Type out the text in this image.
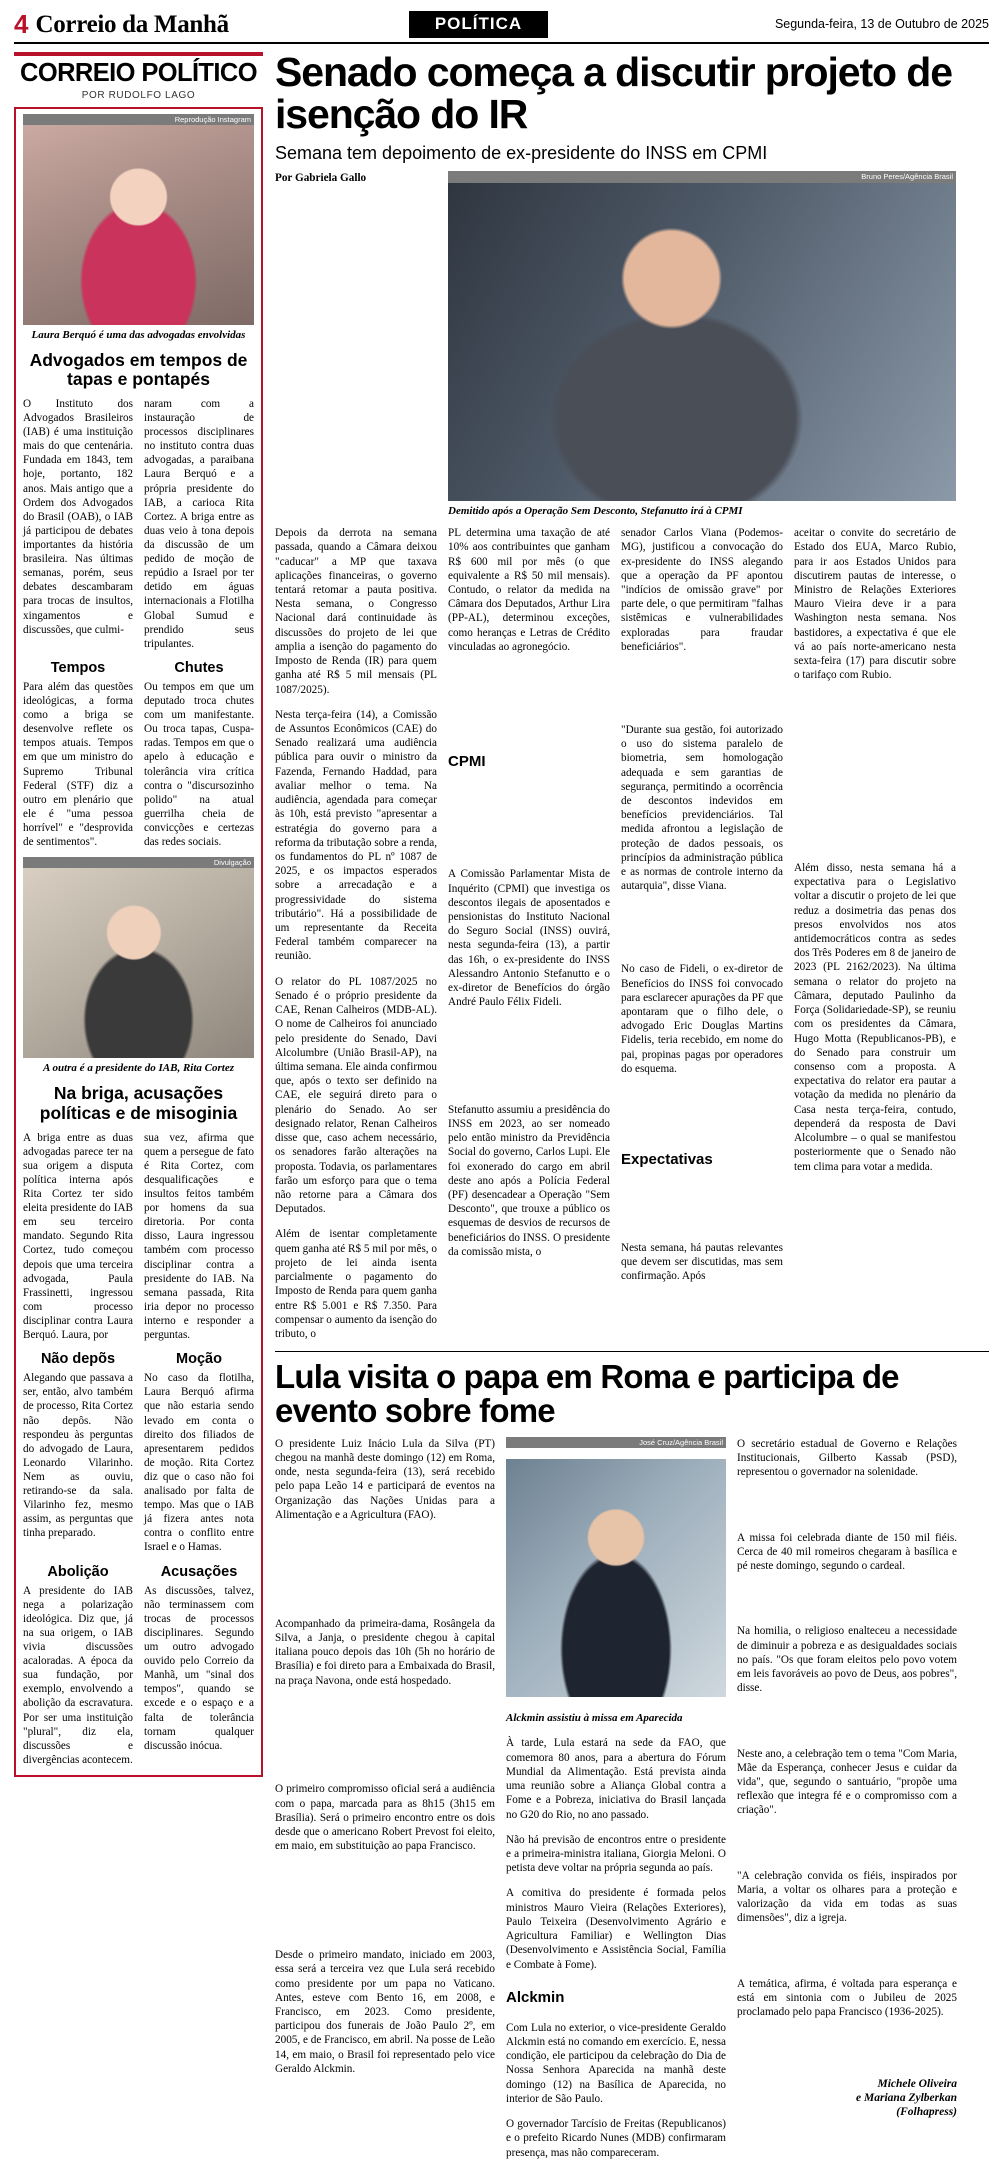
4 Correio da Manhã	POLÍTICA	Segunda-feira, 13 de Outubro de 2025
CORREIO POLÍTICO
POR RUDOLFO LAGO
Reprodução Instagram
Laura Berquó é uma das advogadas envolvidas
Advogados em tempos de tapas e pontapés

O Instituto dos Advogados Brasileiros (IAB) é uma instituição mais do que centenária. Fundada em 1843, tem hoje, portanto, 182 anos. Mais antigo que a Ordem dos Advogados do Brasil (OAB), o IAB já participou de debates importantes da história brasileira. Nas últimas semanas, porém, seus debates descambaram para trocas de insultos, xingamentos e discussões, que culmi-

naram com a instauração de processos disciplinares no instituto contra duas advogadas, a paraibana Laura Berquó e a própria presidente do IAB, a carioca Rita Cortez. A briga entre as duas veio à tona depois da discussão de um pedido de moção de repúdio a Israel por ter detido em águas internacionais a Flotilha Global Sumud e prendido seus tripulantes.

Tempos
Para além das questões ideológicas, a forma como a briga se desenvolve reflete os tempos atuais. Tempos em que um ministro do Supremo Tribunal Federal (STF) diz a outro em plenário que ele é "uma pessoa horrível" e "desprovida de sentimentos".
Chutes
Ou tempos em que um deputado troca chutes com um manifestante. Ou troca tapas, Cuspa-radas. Tempos em que o apelo à educação e tolerância vira crítica contra o "discursozinho polido" na atual guerrilha cheia de convicções e certezas das redes sociais.
Divulgação
A outra é a presidente do IAB, Rita Cortez
Na briga, acusações políticas e de misoginia

A briga entre as duas advogadas parece ter na sua origem a disputa política interna após Rita Cortez ter sido eleita presidente do IAB em seu terceiro mandato. Segundo Rita Cortez, tudo começou depois que uma terceira advogada, Paula Frassinetti, ingressou com processo disciplinar contra Laura Berquó. Laura, por

sua vez, afirma que quem a persegue de fato é Rita Cortez, com desqualificações e insultos feitos também por homens da sua diretoria. Por conta disso, Laura ingressou também com processo disciplinar contra a presidente do IAB. Na semana passada, Rita iria depor no processo interno e responder a perguntas.

Não depõs
Alegando que passava a ser, então, alvo também de processo, Rita Cortez não depôs. Não respondeu às perguntas do advogado de Laura, Leonardo Vilarinho. Nem as ouviu, retirando-se da sala. Vilarinho fez, mesmo assim, as perguntas que tinha preparado.
Moção
No caso da flotilha, Laura Berquó afirma que não estaria sendo levado em conta o direito dos filiados de apresentarem pedidos de moção. Rita Cortez diz que o caso não foi analisado por falta de tempo. Mas que o IAB já fizera antes nota contra o conflito entre Israel e o Hamas.
Abolição
A presidente do IAB nega a polarização ideológica. Diz que, já na sua origem, o IAB vivia discussões acaloradas. A época da sua fundação, por exemplo, envolvendo a abolição da escravatura. Por ser uma instituição "plural", diz ela, discussões e divergências acontecem.
Acusações
As discussões, talvez, não terminassem com trocas de processos disciplinares. Segundo um outro advogado ouvido pelo Correio da Manhã, um "sinal dos tempos", quando se excede e o espaço e a falta de tolerância tornam qualquer discussão inócua.
Senado começa a discutir projeto de isenção do IR
Semana tem depoimento de ex-presidente do INSS em CPMI
Por Gabriela Gallo	Bruno Peres/Agência Brasil
Demitido após a Operação Sem Desconto, Stefanutto irá à CPMI

Depois da derrota na semana passada, quando a Câmara deixou "caducar" a MP que taxava aplicações financeiras, o governo tentará retomar a pauta positiva. Nesta semana, o Congresso Nacional dará continuidade às discussões do projeto de lei que amplia a isenção do pagamento do Imposto de Renda (IR) para quem ganha até R$ 5 mil mensais (PL 1087/2025).

Nesta terça-feira (14), a Comissão de Assuntos Econômicos (CAE) do Senado realizará uma audiência pública para ouvir o ministro da Fazenda, Fernando Haddad, para avaliar melhor o tema. Na audiência, agendada para começar às 10h, está previsto "apresentar a estratégia do governo para a reforma da tributação sobre a renda, os fundamentos do PL nº 1087 de 2025, e os impactos esperados sobre a arrecadação e a progressividade do sistema tributário". Há a possibilidade de um representante da Receita Federal também comparecer na reunião.

O relator do PL 1087/2025 no Senado é o próprio presidente da CAE, Renan Calheiros (MDB-AL). O nome de Calheiros foi anunciado pelo presidente do Senado, Davi Alcolumbre (União Brasil-AP), na última semana. Ele ainda confirmou que, após o texto ser definido na CAE, ele seguirá direto para o plenário do Senado. Ao ser designado relator, Renan Calheiros disse que, caso achem necessário, os senadores farão alterações na proposta. Todavia, os parlamentares farão um esforço para que o tema não retorne para a Câmara dos Deputados.

Além de isentar completamente quem ganha até R$ 5 mil por mês, o projeto de lei ainda isenta parcialmente o pagamento do Imposto de Renda para quem ganha entre R$ 5.001 e R$ 7.350. Para compensar o aumento da isenção do tributo, o

PL determina uma taxação de até 10% aos contribuintes que ganham R$ 600 mil por mês (o que equivalente a R$ 50 mil mensais). Contudo, o relator da medida na Câmara dos Deputados, Arthur Lira (PP-AL), determinou exceções, como heranças e Letras de Crédito vinculadas ao agronegócio.

CPMI

A Comissão Parlamentar Mista de Inquérito (CPMI) que investiga os descontos ilegais de aposentados e pensionistas do Instituto Nacional do Seguro Social (INSS) ouvirá, nesta segunda-feira (13), a partir das 16h, o ex-presidente do INSS Alessandro Antonio Stefanutto e o ex-diretor de Benefícios do órgão André Paulo Félix Fideli.

Stefanutto assumiu a presidência do INSS em 2023, ao ser nomeado pelo então ministro da Previdência Social do governo, Carlos Lupi. Ele foi exonerado do cargo em abril deste ano após a Polícia Federal (PF) desencadear a Operação "Sem Desconto", que trouxe a público os esquemas de desvios de recursos de beneficiários do INSS. O presidente da comissão mista, o

senador Carlos Viana (Podemos-MG), justificou a convocação do ex-presidente do INSS alegando que a operação da PF apontou "indícios de omissão grave" por parte dele, o que permitiram "falhas sistêmicas e vulnerabilidades exploradas para fraudar beneficiários".

"Durante sua gestão, foi autorizado o uso do sistema paralelo de biometria, sem homologação adequada e sem garantias de segurança, permitindo a ocorrência de descontos indevidos em benefícios previdenciários. Tal medida afrontou a legislação de proteção de dados pessoais, os princípios da administração pública e as normas de controle interno da autarquia", disse Viana.

No caso de Fideli, o ex-diretor de Benefícios do INSS foi convocado para esclarecer apurações da PF que apontaram que o filho dele, o advogado Eric Douglas Martins Fidelis, teria recebido, em nome do pai, propinas pagas por operadores do esquema.

Expectativas

Nesta semana, há pautas relevantes que devem ser discutidas, mas sem confirmação. Após

aceitar o convite do secretário de Estado dos EUA, Marco Rubio, para ir aos Estados Unidos para discutirem pautas de interesse, o Ministro de Relações Exteriores Mauro Vieira deve ir a para Washington nesta semana. Nos bastidores, a expectativa é que ele vá ao país norte-americano nesta sexta-feira (17) para discutir sobre o tarifaço com Rubio.

Além disso, nesta semana há a expectativa para o Legislativo voltar a discutir o projeto de lei que reduz a dosimetria das penas dos presos envolvidos nos atos antidemocráticos contra as sedes dos Três Poderes em 8 de janeiro de 2023 (PL 2162/2023). Na última semana o relator do projeto na Câmara, deputado Paulinho da Força (Solidariedade-SP), se reuniu com os presidentes da Câmara, Hugo Motta (Republicanos-PB), e do Senado para construir um consenso com a proposta. A expectativa do relator era pautar a votação da medida no plenário da Casa nesta terça-feira, contudo, dependerá da resposta de Davi Alcolumbre – o qual se manifestou posteriormente que o Senado não tem clima para votar a medida.

Lula visita o papa em Roma e participa de evento sobre fome

O presidente Luiz Inácio Lula da Silva (PT) chegou na manhã deste domingo (12) em Roma, onde, nesta segunda-feira (13), será recebido pelo papa Leão 14 e participará de eventos na Organização das Nações Unidas para a Alimentação e a Agricultura (FAO).

Acompanhado da primeira-dama, Rosângela da Silva, a Janja, o presidente chegou à capital italiana pouco depois das 10h (5h no horário de Brasília) e foi direto para a Embaixada do Brasil, na praça Navona, onde está hospedado.

O primeiro compromisso oficial será a audiência com o papa, marcada para as 8h15 (3h15 em Brasília). Será o primeiro encontro entre os dois desde que o americano Robert Prevost foi eleito, em maio, em substituição ao papa Francisco.

Desde o primeiro mandato, iniciado em 2003, essa será a terceira vez que Lula será recebido como presidente por um papa no Vaticano. Antes, esteve com Bento 16, em 2008, e Francisco, em 2023. Como presidente, participou dos funerais de João Paulo 2º, em 2005, e de Francisco, em abril. Na posse de Leão 14, em maio, o Brasil foi representado pelo vice Geraldo Alckmin.

José Cruz/Agência Brasil
Alckmin assistiu à missa em Aparecida

À tarde, Lula estará na sede da FAO, que comemora 80 anos, para a abertura do Fórum Mundial da Alimentação. Está prevista ainda uma reunião sobre a Aliança Global contra a Fome e a Pobreza, iniciativa do Brasil lançada no G20 do Rio, no ano passado.

Não há previsão de encontros entre o presidente e a primeira-ministra italiana, Giorgia Meloni. O petista deve voltar na própria segunda ao país.

A comitiva do presidente é formada pelos ministros Mauro Vieira (Relações Exteriores), Paulo Teixeira (Desenvolvimento Agrário e Agricultura Familiar) e Wellington Dias (Desenvolvimento e Assistência Social, Família e Combate à Fome).

Alckmin

Com Lula no exterior, o vice-presidente Geraldo Alckmin está no comando em exercício. E, nessa condição, ele participou da celebração do Dia de Nossa Senhora Aparecida na manhã deste domingo (12) na Basílica de Aparecida, no interior de São Paulo.

O governador Tarcísio de Freitas (Republicanos) e o prefeito Ricardo Nunes (MDB) confirmaram presença, mas não compareceram.

O secretário estadual de Governo e Relações Institucionais, Gilberto Kassab (PSD), representou o governador na solenidade.

A missa foi celebrada diante de 150 mil fiéis. Cerca de 40 mil romeiros chegaram à basílica e pé neste domingo, segundo o cardeal.

Na homilia, o religioso enalteceu a necessidade de diminuir a pobreza e as desigualdades sociais no país. "Os que foram eleitos pelo povo votem em leis favoráveis ao povo de Deus, aos pobres", disse.

Neste ano, a celebração tem o tema "Com Maria, Mãe da Esperança, conhecer Jesus e cuidar da vida", que, segundo o santuário, "propõe uma reflexão que integra fé e o compromisso com a criação".

"A celebração convida os fiéis, inspirados por Maria, a voltar os olhares para a proteção e valorização da vida em todas as suas dimensões", diz a igreja.

A temática, afirma, é voltada para esperança e está em sintonia com o Jubileu de 2025 proclamado pelo papa Francisco (1936-2025).

Michele Oliveira
e Mariana Zylberkan
(Folhapress)
